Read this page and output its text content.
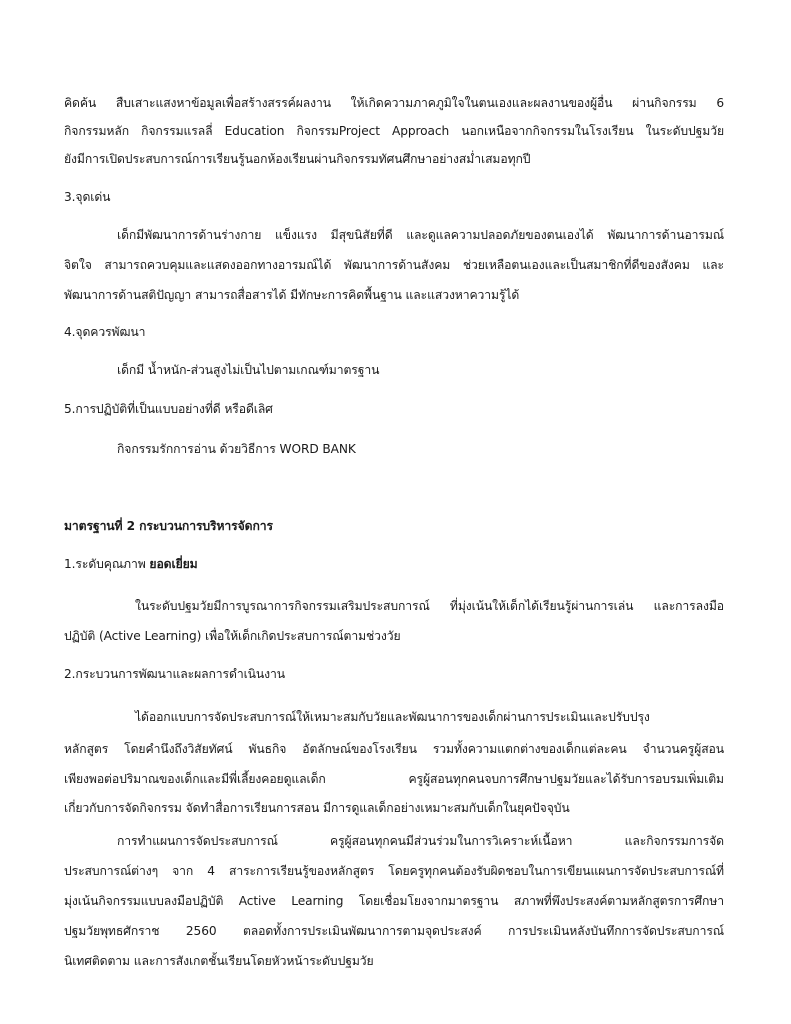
คิดค้น สืบเสาะแสงหาข้อมูลเพื่อสร้างสรรค์ผลงาน ให้เกิดความภาคภูมิใจในตนเองและผลงานของผู้อื่น ผ่านกิจกรรม 6
กิจกรรมหลัก กิจกรรมแรลลี่ Education กิจกรรมProject Approach นอกเหนือจากกิจกรรมในโรงเรียน ในระดับปฐมวัย
ยังมีการเปิดประสบการณ์การเรียนรู้นอกห้องเรียนผ่านกิจกรรมทัศนศึกษาอย่างสม่ำเสมอทุกปี
3.จุดเด่น
เด็กมีพัฒนาการด้านร่างกาย แข็งแรง มีสุขนิสัยที่ดี และดูแลความปลอดภัยของตนเองได้ พัฒนาการด้านอารมณ์
จิตใจ สามารถควบคุมและแสดงออกทางอารมณ์ได้ พัฒนาการด้านสังคม ช่วยเหลือตนเองและเป็นสมาชิกที่ดีของสังคม และ
พัฒนาการด้านสติปัญญา สามารถสื่อสารได้ มีทักษะการคิดพื้นฐาน และแสวงหาความรู้ได้
4.จุดควรพัฒนา
เด็กมี น้ำหนัก-ส่วนสูงไม่เป็นไปตามเกณฑ์มาตรฐาน
5.การปฏิบัติที่เป็นแบบอย่างที่ดี หรือดีเลิศ
กิจกรรมรักการอ่าน ด้วยวิธีการ WORD BANK
มาตรฐานที่ 2 กระบวนการบริหารจัดการ
1.ระดับคุณภาพ ยอดเยี่ยม
ในระดับปฐมวัยมีการบูรณาการกิจกรรมเสริมประสบการณ์ ที่มุ่งเน้นให้เด็กได้เรียนรู้ผ่านการเล่น และการลงมือ
ปฏิบัติ (Active Learning) เพื่อให้เด็กเกิดประสบการณ์ตามช่วงวัย
2.กระบวนการพัฒนาและผลการดำเนินงาน
ได้ออกแบบการจัดประสบการณ์ให้เหมาะสมกับวัยและพัฒนาการของเด็กผ่านการประเมินและปรับปรุง
หลักสูตร โดยคำนึงถึงวิสัยทัศน์ พันธกิจ อัตลักษณ์ของโรงเรียน รวมทั้งความแตกต่างของเด็กแต่ละคน จำนวนครูผู้สอน
เพียงพอต่อปริมาณของเด็กและมีพี่เลี้ยงคอยดูแลเด็ก ครูผู้สอนทุกคนจบการศึกษาปฐมวัยและได้รับการอบรมเพิ่มเติม
เกี่ยวกับการจัดกิจกรรม จัดทำสื่อการเรียนการสอน มีการดูแลเด็กอย่างเหมาะสมกับเด็กในยุคปัจจุบัน
การทำแผนการจัดประสบการณ์ ครูผู้สอนทุกคนมีส่วนร่วมในการวิเคราะห์เนื้อหา และกิจกรรมการจัด
ประสบการณ์ต่างๆ จาก 4 สาระการเรียนรู้ของหลักสูตร โดยครูทุกคนต้องรับผิดชอบในการเขียนแผนการจัดประสบการณ์ที่
มุ่งเน้นกิจกรรมแบบลงมือปฏิบัติ Active Learning โดยเชื่อมโยงจากมาตรฐาน สภาพที่พึงประสงค์ตามหลักสูตรการศึกษา
ปฐมวัยพุทธศักราช 2560 ตลอดทั้งการประเมินพัฒนาการตามจุดประสงค์ การประเมินหลังบันทึกการจัดประสบการณ์
นิเทศติดตาม และการสังเกตชั้นเรียนโดยหัวหน้าระดับปฐมวัย
